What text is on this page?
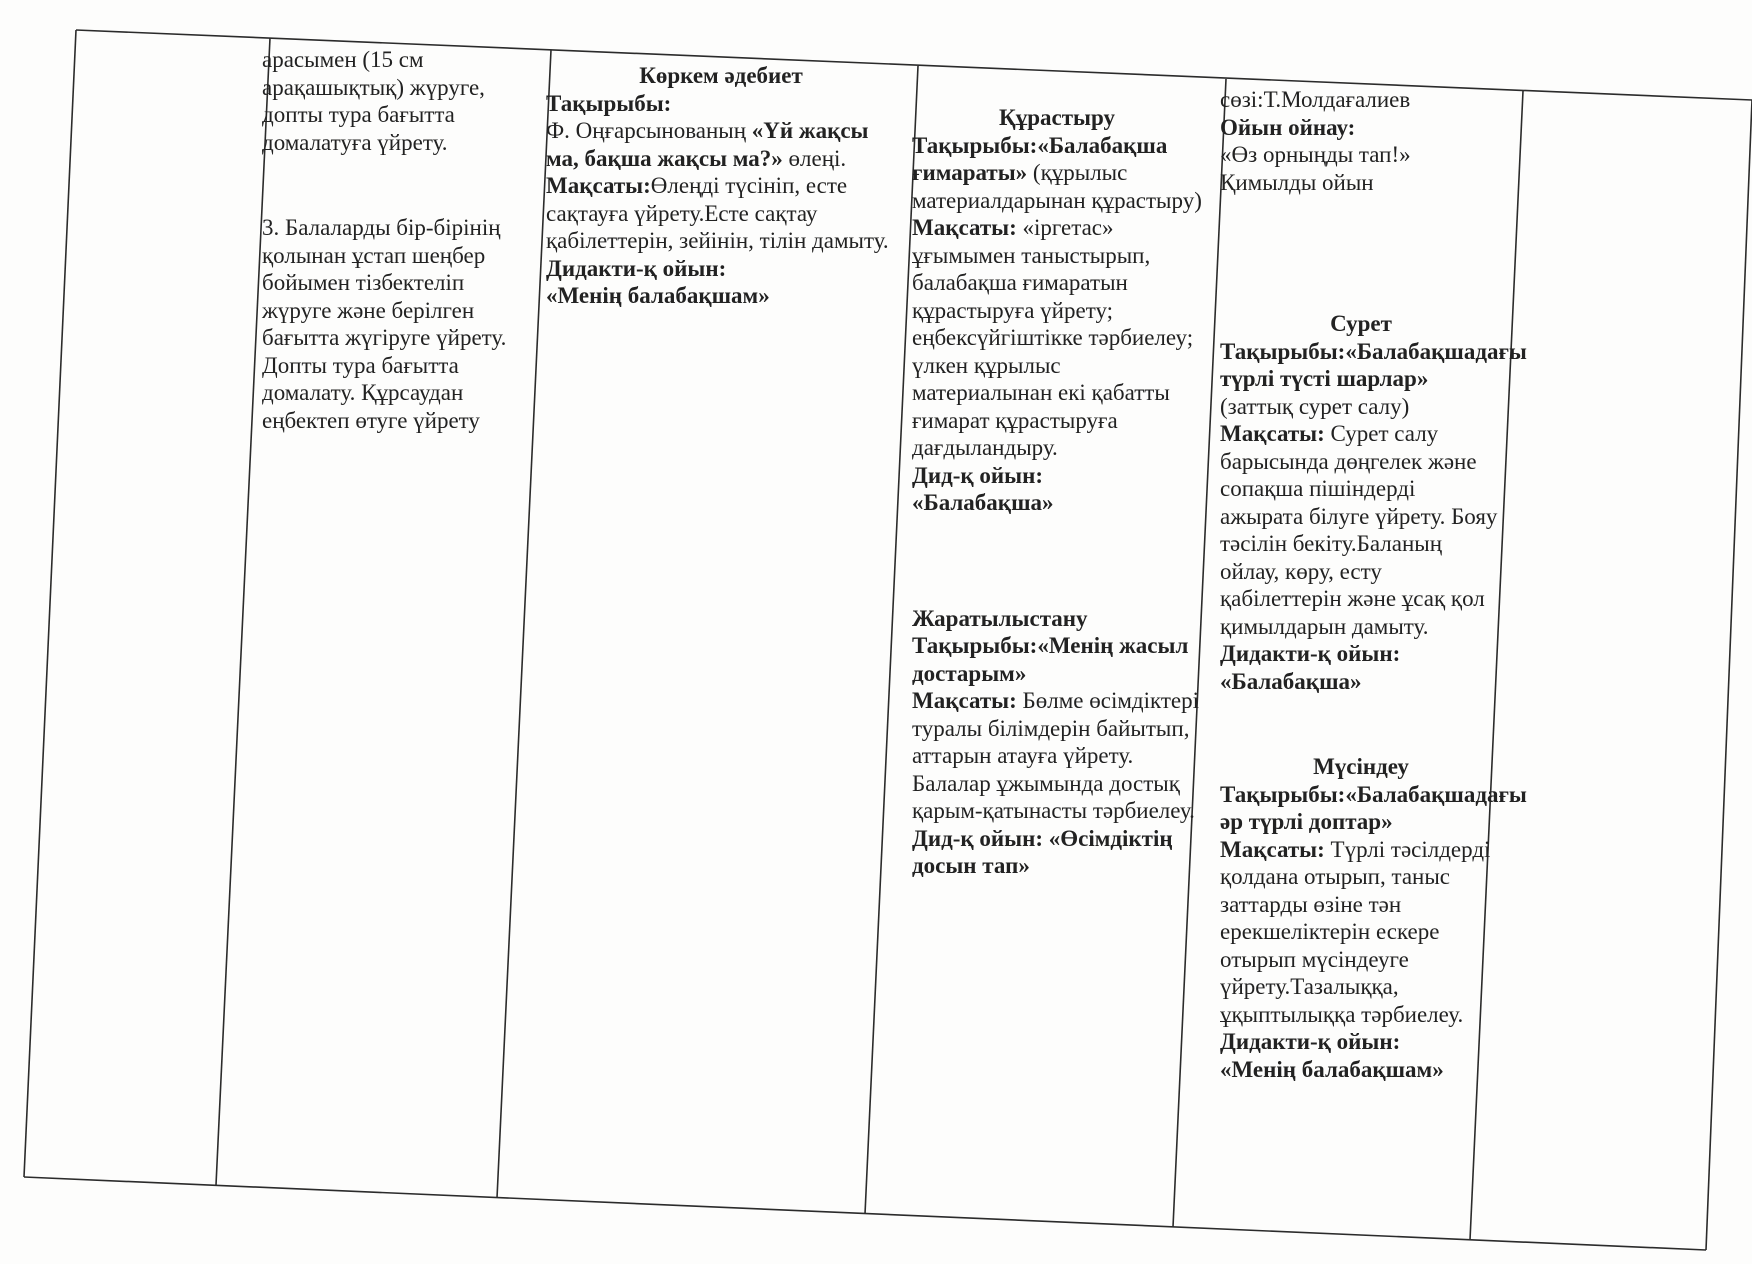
арасымен (15 см арақашықтық) жүруге, допты тура бағытта домалатуға үйрету.

3. Балаларды бір-бірінің қолынан ұстап шеңбер бойымен тізбектеліп жүруге және берілген бағытта жүгіруге үйрету. Допты тура бағытта домалату. Құрсаудан еңбектеп өтуге үйрету

Көркем әдебиет

Тақырыбы:

Ф. Оңғарсынованың «Үй жақсы ма, бақша жақсы ма?» өлеңі.

Мақсаты:Өлеңді түсініп, есте сақтауға үйрету.Есте сақтау қабілеттерін, зейінін, тілін дамыту.

Дидакти-қ ойын:

«Менің балабақшам»

Құрастыру

Тақырыбы:«Балабақша ғимараты» (құрылыс материалдарынан құрастыру)

Мақсаты: «іргетас» ұғымымен таныстырып, балабақша ғимаратын құрастыруға үйрету; еңбексүйгіштікке тәрбиелеу; үлкен құрылыс материалынан екі қабатты ғимарат құрастыруға дағдыландыру.

Дид-қ ойын:

«Балабақша»

Жаратылыстану

Тақырыбы:«Менің жасыл достарым»

Мақсаты: Бөлме өсімдіктері туралы білімдерін байытып, аттарын атауға үйрету. Балалар ұжымында достық қарым-қатынасты тәрбиелеу.

Дид-қ ойын: «Өсімдіктің досын тап»

сөзі:Т.Молдағалиев

Ойын ойнау:

«Өз орныңды тап!»

Қимылды ойын

Сурет

Тақырыбы:«Балабақшадағы түрлі түсті шарлар» (заттық сурет салу)

Мақсаты: Сурет салу барысында дөңгелек және сопақша пішіндерді ажырата білуге үйрету. Бояу тәсілін бекіту.Баланың ойлау, көру, есту қабілеттерін және ұсақ қол қимылдарын дамыту.

Дидакти-қ ойын:

«Балабақша»

Мүсіндеу

Тақырыбы:«Балабақшадағы әр түрлі доптар»

Мақсаты: Түрлі тәсілдерді қолдана отырып, таныс заттарды өзіне тән ерекшеліктерін ескере отырып мүсіндеуге үйрету.Тазалыққа, ұқыптылыққа тәрбиелеу.

Дидакти-қ ойын:

«Менің балабақшам»
